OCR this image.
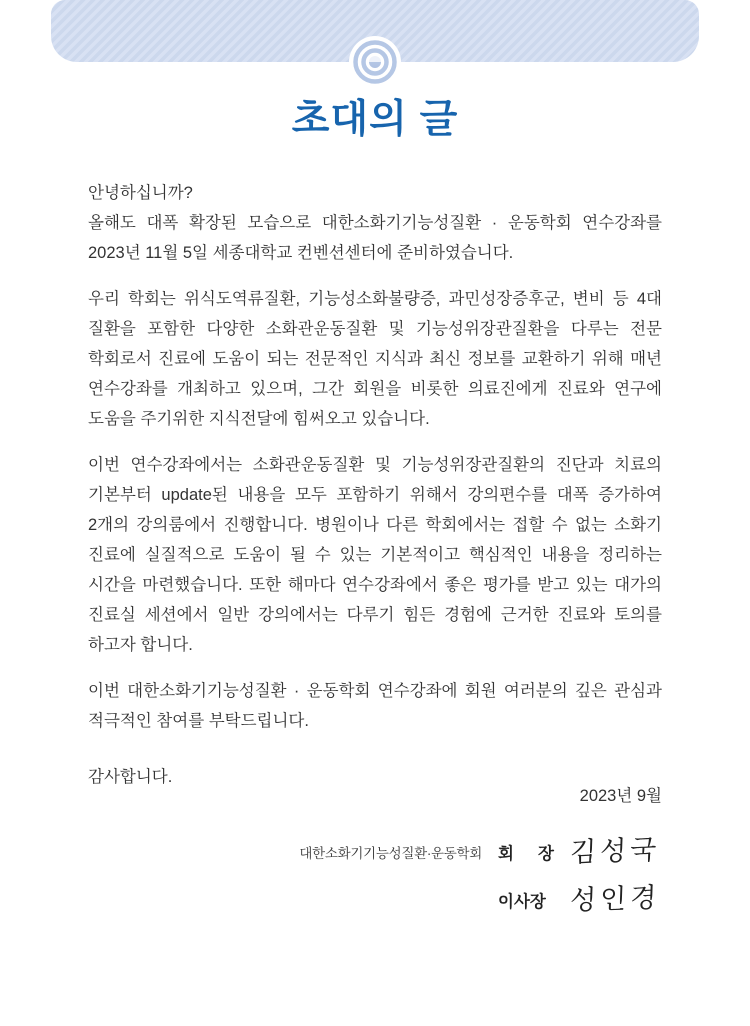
초대의 글

안녕하십니까?

올해도 대폭 확장된 모습으로 대한소화기기능성질환 · 운동학회 연수강좌를 2023년 11월 5일 세종대학교 컨벤션센터에 준비하였습니다.

우리 학회는 위식도역류질환, 기능성소화불량증, 과민성장증후군, 변비 등 4대 질환을 포함한 다양한 소화관운동질환 및 기능성위장관질환을 다루는 전문 학회로서 진료에 도움이 되는 전문적인 지식과 최신 정보를 교환하기 위해 매년 연수강좌를 개최하고 있으며, 그간 회원을 비롯한 의료진에게 진료와 연구에 도움을 주기위한 지식전달에 힘써오고 있습니다.

이번 연수강좌에서는 소화관운동질환 및 기능성위장관질환의 진단과 치료의 기본부터 update된 내용을 모두 포함하기 위해서 강의편수를 대폭 증가하여 2개의 강의룸에서 진행합니다. 병원이나 다른 학회에서는 접할 수 없는 소화기 진료에 실질적으로 도움이 될 수 있는 기본적이고 핵심적인 내용을 정리하는 시간을 마련했습니다. 또한 해마다 연수강좌에서 좋은 평가를 받고 있는 대가의 진료실 세션에서 일반 강의에서는 다루기 힘든 경험에 근거한 진료와 토의를 하고자 합니다.

이번 대한소화기기능성질환 · 운동학회 연수강좌에 회원 여러분의 깊은 관심과 적극적인 참여를 부탁드립니다.

감사합니다.

2023년 9월
대한소화기기능성질환·운동학회 회 장 김성국
이사장 성인경
